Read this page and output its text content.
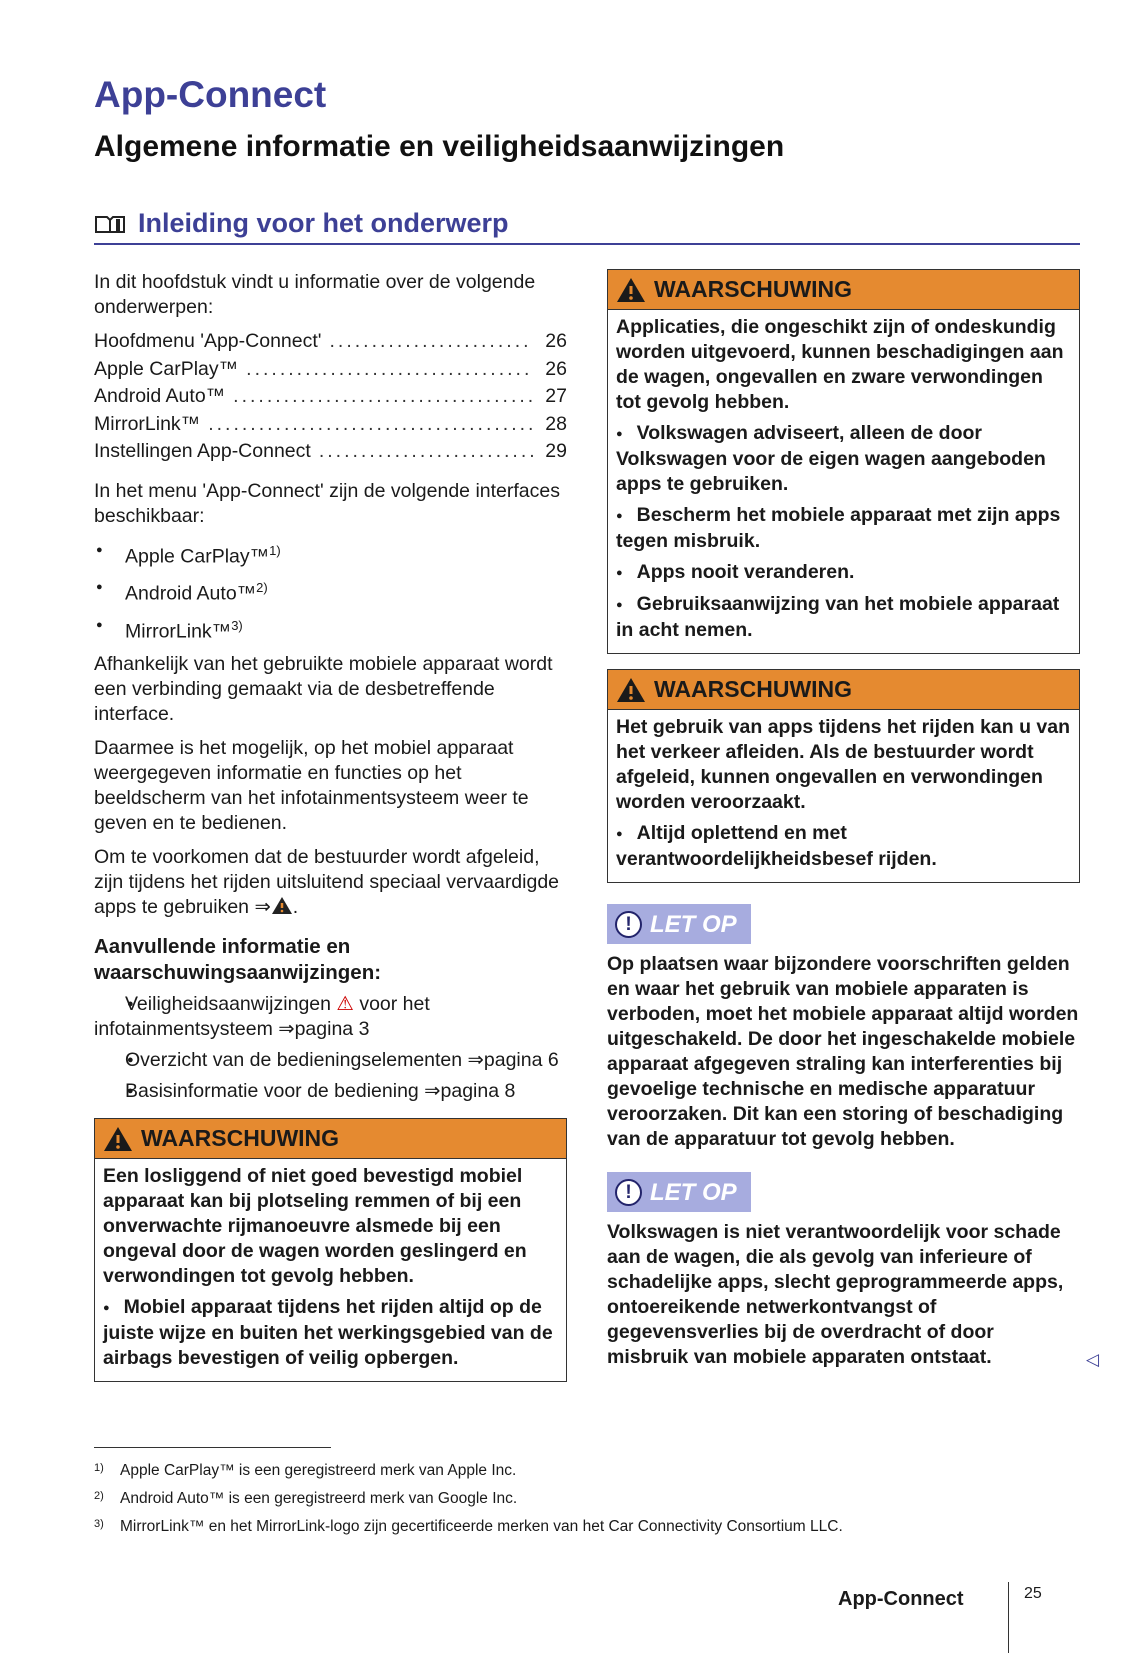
App-Connect
Algemene informatie en veiligheidsaanwijzingen
Inleiding voor het onderwerp

In dit hoofdstuk vindt u informatie over de volgende onderwerpen:

Hoofdmenu 'App-Connect' .....	26
Apple CarPlay™ .....	26
Android Auto™ .....	27
MirrorLink™ .....	28
Instellingen App-Connect .....	29

In het menu 'App-Connect' zijn de volgende interfaces beschikbaar:

● Apple CarPlay™$^{1)}$
● Android Auto™$^{2)}$
● MirrorLink™$^{3)}$

Afhankelijk van het gebruikte mobiele apparaat wordt een verbinding gemaakt via de desbetreffende interface.

Daarmee is het mogelijk, op het mobiel apparaat weergegeven informatie en functies op het beeldscherm van het infotainmentsysteem weer te geven en te bedienen.

Om te voorkomen dat de bestuurder wordt afgeleid, zijn tijdens het rijden uitsluitend speciaal vervaardigde apps te gebruiken ⇒ .

Aanvullende informatie en waarschuwingsaanwijzingen:
● Veiligheidsaanwijzingen ⚠ voor het infotainmentsysteem ⇒pagina 3
● Overzicht van de bedieningselementen ⇒pagina 6
● Basisinformatie voor de bediening ⇒pagina 8
WAARSCHUWING

Een losliggend of niet goed bevestigd mobiel apparaat kan bij plotseling remmen of bij een onverwachte rijmanoeuvre alsmede bij een ongeval door de wagen worden geslingerd en verwondingen tot gevolg hebben.

● Mobiel apparaat tijdens het rijden altijd op de juiste wijze en buiten het werkingsgebied van de airbags bevestigen of veilig opbergen.

WAARSCHUWING

Applicaties, die ongeschikt zijn of ondeskundig worden uitgevoerd, kunnen beschadigingen aan de wagen, ongevallen en zware verwondingen tot gevolg hebben.

● Volkswagen adviseert, alleen de door Volkswagen voor de eigen wagen aangeboden apps te gebruiken.

● Bescherm het mobiele apparaat met zijn apps tegen misbruik.

● Apps nooit veranderen.

● Gebruiksaanwijzing van het mobiele apparaat in acht nemen.

WAARSCHUWING

Het gebruik van apps tijdens het rijden kan u van het verkeer afleiden. Als de bestuurder wordt afgeleid, kunnen ongevallen en verwondingen worden veroorzaakt.

● Altijd oplettend en met verantwoordelijkheidsbesef rijden.

! LET OP

Op plaatsen waar bijzondere voorschriften gelden en waar het gebruik van mobiele apparaten is verboden, moet het mobiele apparaat altijd worden uitgeschakeld. De door het ingeschakelde mobiele apparaat afgegeven straling kan interferenties bij gevoelige technische en medische apparatuur veroorzaken. Dit kan een storing of beschadiging van de apparatuur tot gevolg hebben.

! LET OP

Volkswagen is niet verantwoordelijk voor schade aan de wagen, die als gevolg van inferieure of schadelijke apps, slecht geprogrammeerde apps, ontoereikende netwerkontvangst of gegevensverlies bij de overdracht of door misbruik van mobiele apparaten ontstaat.	◁
1) Apple CarPlay™ is een geregistreerd merk van Apple Inc.
2) Android Auto™ is een geregistreerd merk van Google Inc.
3) MirrorLink™ en het MirrorLink-logo zijn gecertificeerde merken van het Car Connectivity Consortium LLC.
App-Connect	25
